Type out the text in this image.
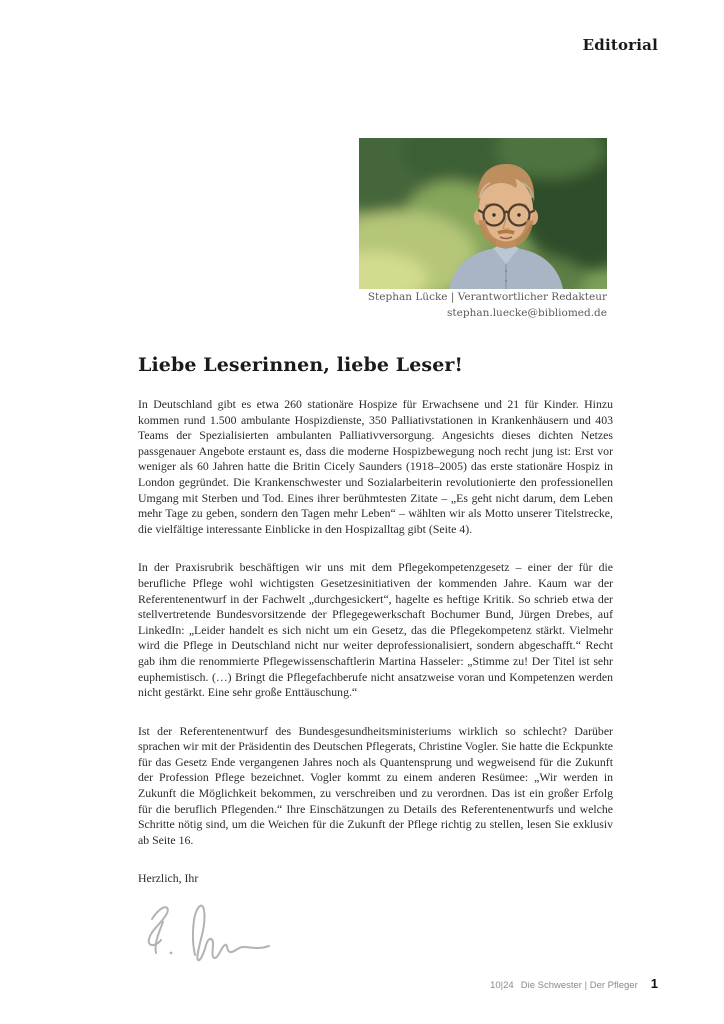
Editorial
Stephan Lücke | Verantwortlicher Redakteur
stephan.luecke@bibliomed.de
Liebe Leserinnen, liebe Leser!

In Deutschland gibt es etwa 260 stationäre Hospize für Erwachsene und 21 für Kinder. Hinzu kommen rund 1.500 ambulante Hospizdienste, 350 Palliativstationen in Krankenhäusern und 403 Teams der Spezialisierten ambulanten Palliativversorgung. Angesichts dieses dichten Netzes passgenauer Angebote erstaunt es, dass die moderne Hospizbewegung noch recht jung ist: Erst vor weniger als 60 Jahren hatte die Britin Cicely Saunders (1918–2005) das erste stationäre Hospiz in London gegründet. Die Krankenschwester und Sozialarbeiterin revolutionierte den professionellen Umgang mit Sterben und Tod. Eines ihrer berühmtesten Zitate – „Es geht nicht darum, dem Leben mehr Tage zu geben, sondern den Tagen mehr Leben“ – wählten wir als Motto unserer Titelstrecke, die vielfältige interessante Einblicke in den Hospizalltag gibt (Seite 4).

In der Praxisrubrik beschäftigen wir uns mit dem Pflegekompetenzgesetz – einer der für die berufliche Pflege wohl wichtigsten Gesetzesinitiativen der kommenden Jahre. Kaum war der Referentenentwurf in der Fachwelt „durchgesickert“, hagelte es heftige Kritik. So schrieb etwa der stellvertretende Bundesvorsitzende der Pflegegewerkschaft Bochumer Bund, Jürgen Drebes, auf LinkedIn: „Leider handelt es sich nicht um ein Gesetz, das die Pflegekompetenz stärkt. Vielmehr wird die Pflege in Deutschland nicht nur weiter deprofessionalisiert, sondern abgeschafft.“ Recht gab ihm die renommierte Pflegewissenschaftlerin Martina Hasseler: „Stimme zu! Der Titel ist sehr euphemistisch. (…) Bringt die Pflegefachberufe nicht ansatzweise voran und Kompetenzen werden nicht gestärkt. Eine sehr große Enttäuschung.“

Ist der Referentenentwurf des Bundesgesundheitsministeriums wirklich so schlecht? Darüber sprachen wir mit der Präsidentin des Deutschen Pflegerats, Christine Vogler. Sie hatte die Eckpunkte für das Gesetz Ende vergangenen Jahres noch als Quantensprung und wegweisend für die Zukunft der Profession Pflege bezeichnet. Vogler kommt zu einem anderen Resümee: „Wir werden in Zukunft die Möglichkeit bekommen, zu verschreiben und zu verordnen. Das ist ein großer Erfolg für die beruflich Pflegenden.“ Ihre Einschätzungen zu Details des Referentenentwurfs und welche Schritte nötig sind, um die Weichen für die Zukunft der Pflege richtig zu stellen, lesen Sie exklusiv ab Seite 16.

Herzlich, Ihr

10|24 Die Schwester | Der Pfleger 1
